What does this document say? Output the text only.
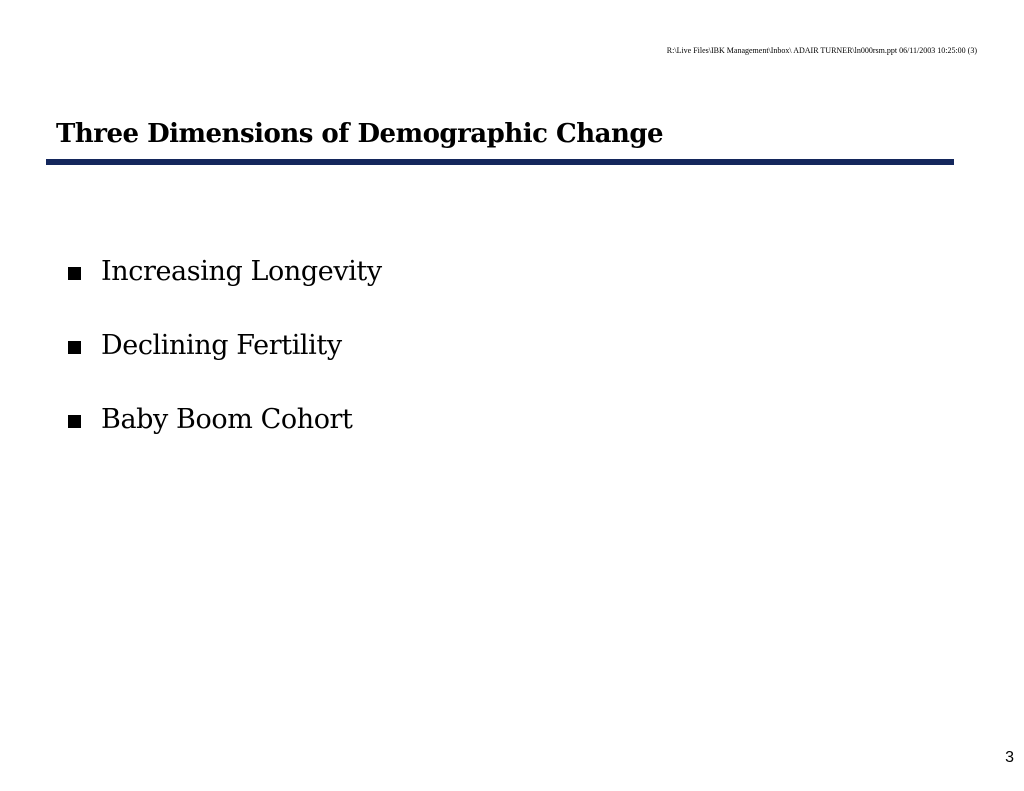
R:\Live Files\IBK Management\Inbox\ ADAIR TURNER\ln000rsm.ppt 06/11/2003 10:25:00 (3)
Three Dimensions of Demographic Change
Increasing Longevity
Declining Fertility
Baby Boom Cohort
3
